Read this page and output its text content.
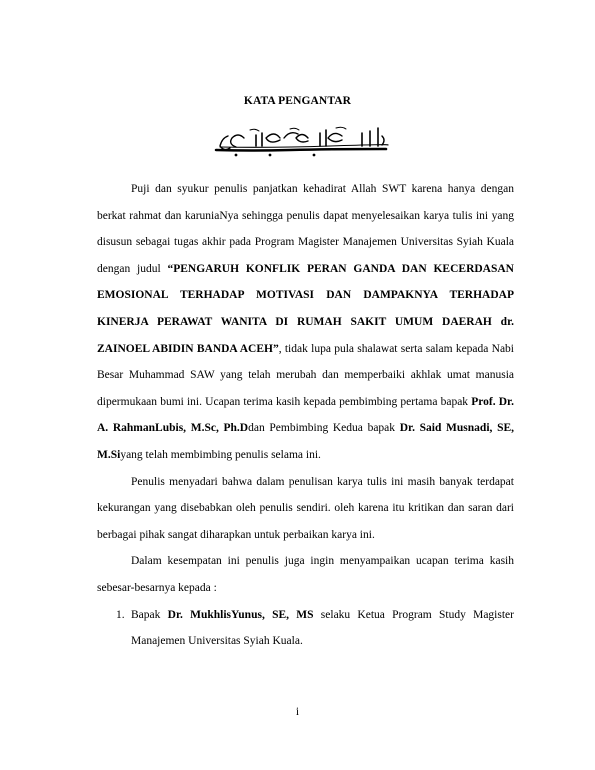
KATA PENGANTAR

Puji dan syukur penulis panjatkan kehadirat Allah SWT karena hanya dengan berkat rahmat dan karuniaNya sehingga penulis dapat menyelesaikan karya tulis ini yang disusun sebagai tugas akhir pada Program Magister Manajemen Universitas Syiah Kuala dengan judul “PENGARUH KONFLIK PERAN GANDA DAN KECERDASAN EMOSIONAL TERHADAP MOTIVASI DAN DAMPAKNYA TERHADAP KINERJA PERAWAT WANITA DI RUMAH SAKIT UMUM DAERAH dr. ZAINOEL ABIDIN BANDA ACEH”, tidak lupa pula shalawat serta salam kepada Nabi Besar Muhammad SAW yang telah merubah dan memperbaiki akhlak umat manusia dipermukaan bumi ini. Ucapan terima kasih kepada pembimbing pertama bapak Prof. Dr. A. RahmanLubis, M.Sc, Ph.Ddan Pembimbing Kedua bapak Dr. Said Musnadi, SE, M.Siyang telah membimbing penulis selama ini.

Penulis menyadari bahwa dalam penulisan karya tulis ini masih banyak terdapat kekurangan yang disebabkan oleh penulis sendiri. oleh karena itu kritikan dan saran dari berbagai pihak sangat diharapkan untuk perbaikan karya ini.

Dalam kesempatan ini penulis juga ingin menyampaikan ucapan terima kasih sebesar-besarnya kepada :

1. Bapak Dr. MukhlisYunus, SE, MS selaku Ketua Program Study Magister Manajemen Universitas Syiah Kuala.
i
